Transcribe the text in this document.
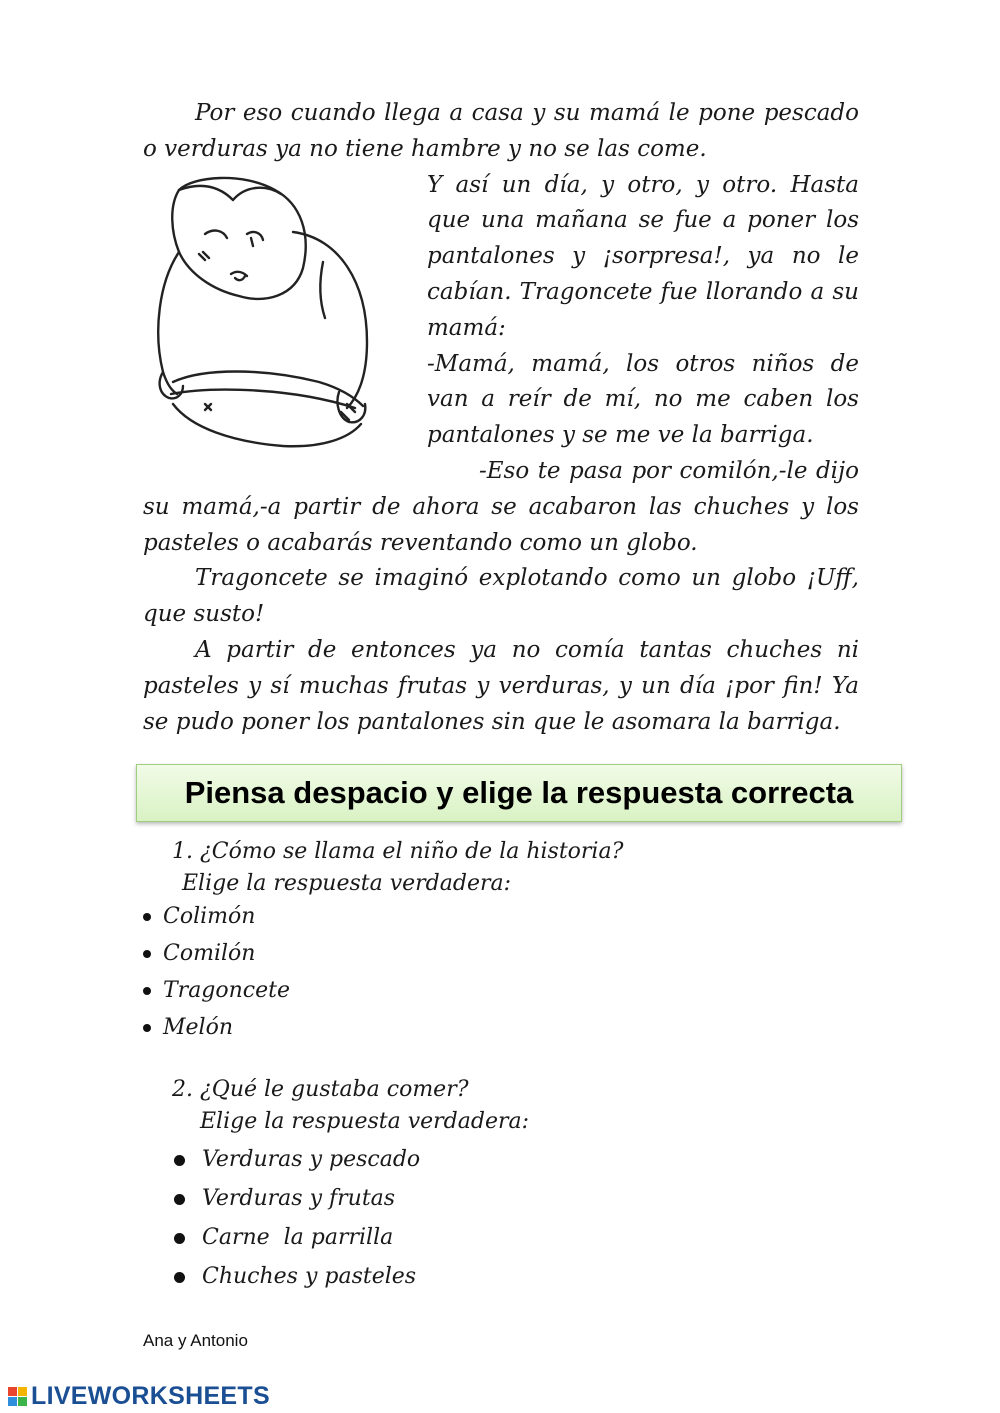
Por eso cuando llega a casa y su mamá le pone pescado o verduras ya no tiene hambre y no se las come.

Y así un día, y otro, y otro. Hasta que una mañana se fue a poner los pantalones y ¡sorpresa!, ya no le cabían. Tragoncete fue llorando a su mamá:

-Mamá, mamá, los otros niños de van a reír de mí, no me caben los pantalones y se me ve la barriga.

-Eso te pasa por comilón,-le dijo su mamá,-a partir de ahora se acabaron las chuches y los pasteles o acabarás reventando como un globo.

Tragoncete se imaginó explotando como un globo ¡Uff, que susto!

A partir de entonces ya no comía tantas chuches ni pasteles y sí muchas frutas y verduras, y un día ¡por fin! Ya se pudo poner los pantalones sin que le asomara la barriga.

Piensa despacio y elige la respuesta correcta
1. ¿Cómo se llama el niño de la historia?
Elige la respuesta verdadera:
Colimón
Comilón
Tragoncete
Melón
2. ¿Qué le gustaba comer?
Elige la respuesta verdadera:
Verduras y pescado
Verduras y frutas
Carne  la parrilla
Chuches y pasteles
Ana y Antonio
LIVEWORKSHEETS
